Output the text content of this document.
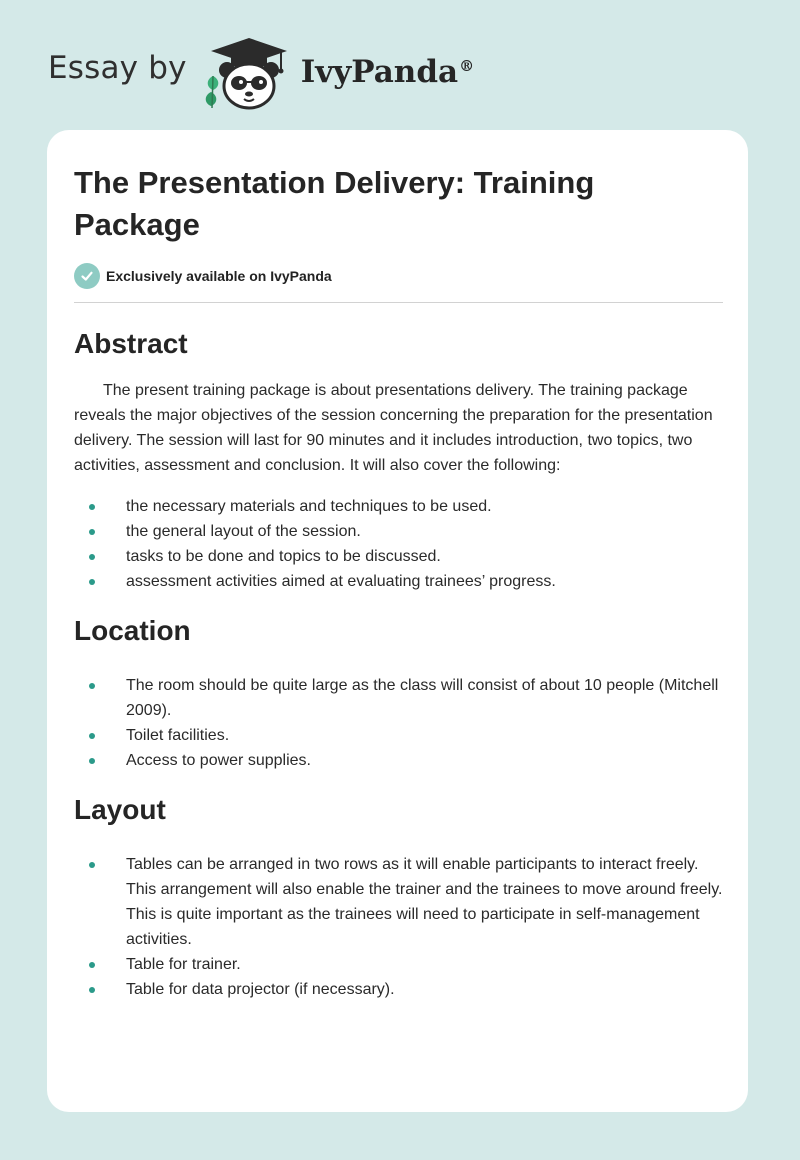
Essay by	IvyPanda®
The Presentation Delivery: Training Package
Exclusively available on IvyPanda
Abstract

The present training package is about presentations delivery. The training package reveals the major objectives of the session concerning the preparation for the presentation delivery. The session will last for 90 minutes and it includes introduction, two topics, two activities, assessment and conclusion. It will also cover the following:

the necessary materials and techniques to be used.
the general layout of the session.
tasks to be done and topics to be discussed.
assessment activities aimed at evaluating trainees’ progress.
Location
The room should be quite large as the class will consist of about 10 people (Mitchell 2009).
Toilet facilities.
Access to power supplies.
Layout
Tables can be arranged in two rows as it will enable participants to interact freely. This arrangement will also enable the trainer and the trainees to move around freely. This is quite important as the trainees will need to participate in self-management activities.
Table for trainer.
Table for data projector (if necessary).
